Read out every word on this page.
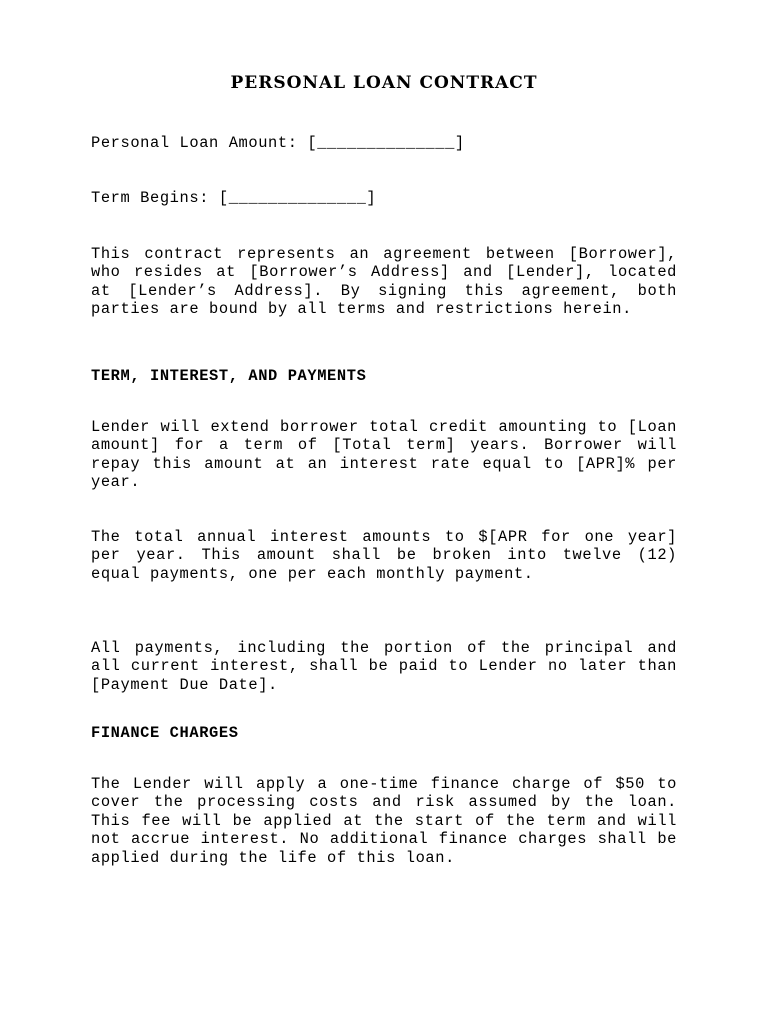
PERSONAL LOAN CONTRACT
Personal Loan Amount: [______________]
Term Begins: [______________]

This contract represents an agreement between [Borrower], who resides at [Borrower’s Address] and [Lender], located at [Lender’s Address]. By signing this agreement, both parties are bound by all terms and restrictions herein.

TERM, INTEREST, AND PAYMENTS

Lender will extend borrower total credit amounting to [Loan amount] for a term of [Total term] years. Borrower will repay this amount at an interest rate equal to [APR]% per year.

The total annual interest amounts to $[APR for one year] per year. This amount shall be broken into twelve (12) equal payments, one per each monthly payment.

All payments, including the portion of the principal and all current interest, shall be paid to Lender no later than [Payment Due Date].

FINANCE CHARGES

The Lender will apply a one-time finance charge of $50 to cover the processing costs and risk assumed by the loan. This fee will be applied at the start of the term and will not accrue interest. No additional finance charges shall be applied during the life of this loan.
